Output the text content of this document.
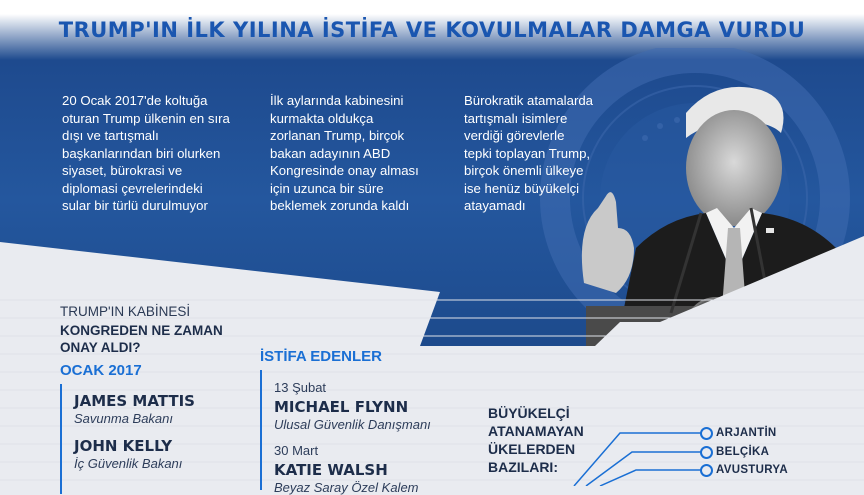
TRUMP'IN İLK YILINA İSTİFA VE KOVULMALAR DAMGA VURDU
20 Ocak 2017'de koltuğa
oturan Trump ülkenin en sıra
dışı ve tartışmalı
başkanlarından biri olurken
siyaset, bürokrasi ve
diplomasi çevrelerindeki
sular bir türlü durulmuyor
İlk aylarında kabinesini
kurmakta oldukça
zorlanan Trump, birçok
bakan adayının ABD
Kongresinde onay alması
için uzunca bir süre
beklemek zorunda kaldı
Bürokratik atamalarda
tartışmalı isimlere
verdiği görevlerle
tepki toplayan Trump,
birçok önemli ülkeye
ise henüz büyükelçi
atayamadı
TRUMP'IN KABİNESİ
KONGREDEN NE ZAMAN
ONAY ALDI?
OCAK 2017
JAMES MATTIS
Savunma Bakanı
JOHN KELLY
İç Güvenlik Bakanı
İSTİFA EDENLER
13 Şubat
MICHAEL FLYNN
Ulusal Güvenlik Danışmanı
30 Mart
KATIE WALSH
Beyaz Saray Özel Kalem
BÜYÜKELÇİ
ATANAMAYAN
ÜKELERDEN
BAZILARI:
ARJANTİN
BELÇİKA
AVUSTURYA
